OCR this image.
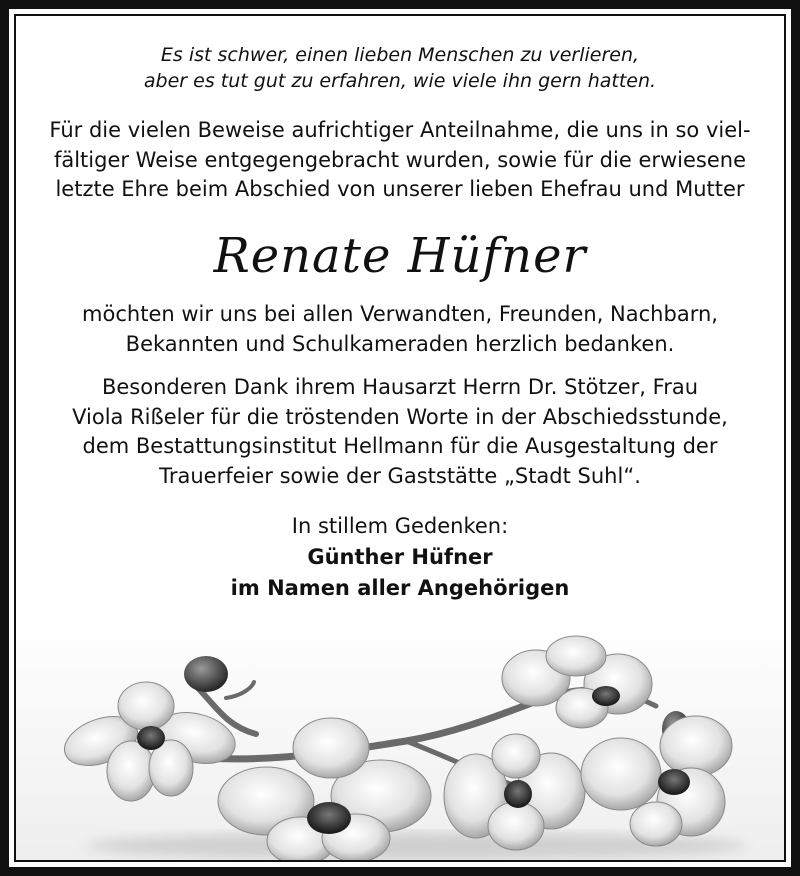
Es ist schwer, einen lieben Menschen zu verlieren,
aber es tut gut zu erfahren, wie viele ihn gern hatten.
Für die vielen Beweise aufrichtiger Anteilnahme, die uns in so viel-
fältiger Weise entgegengebracht wurden, sowie für die erwiesene
letzte Ehre beim Abschied von unserer lieben Ehefrau und Mutter
Renate Hüfner
möchten wir uns bei allen Verwandten, Freunden, Nachbarn,
Bekannten und Schulkameraden herzlich bedanken.
Besonderen Dank ihrem Hausarzt Herrn Dr. Stötzer, Frau
Viola Rißeler für die tröstenden Worte in der Abschiedsstunde,
dem Bestattungsinstitut Hellmann für die Ausgestaltung der
Trauerfeier sowie der Gaststätte „Stadt Suhl“.
In stillem Gedenken:
Günther Hüfner
im Namen aller Angehörigen
